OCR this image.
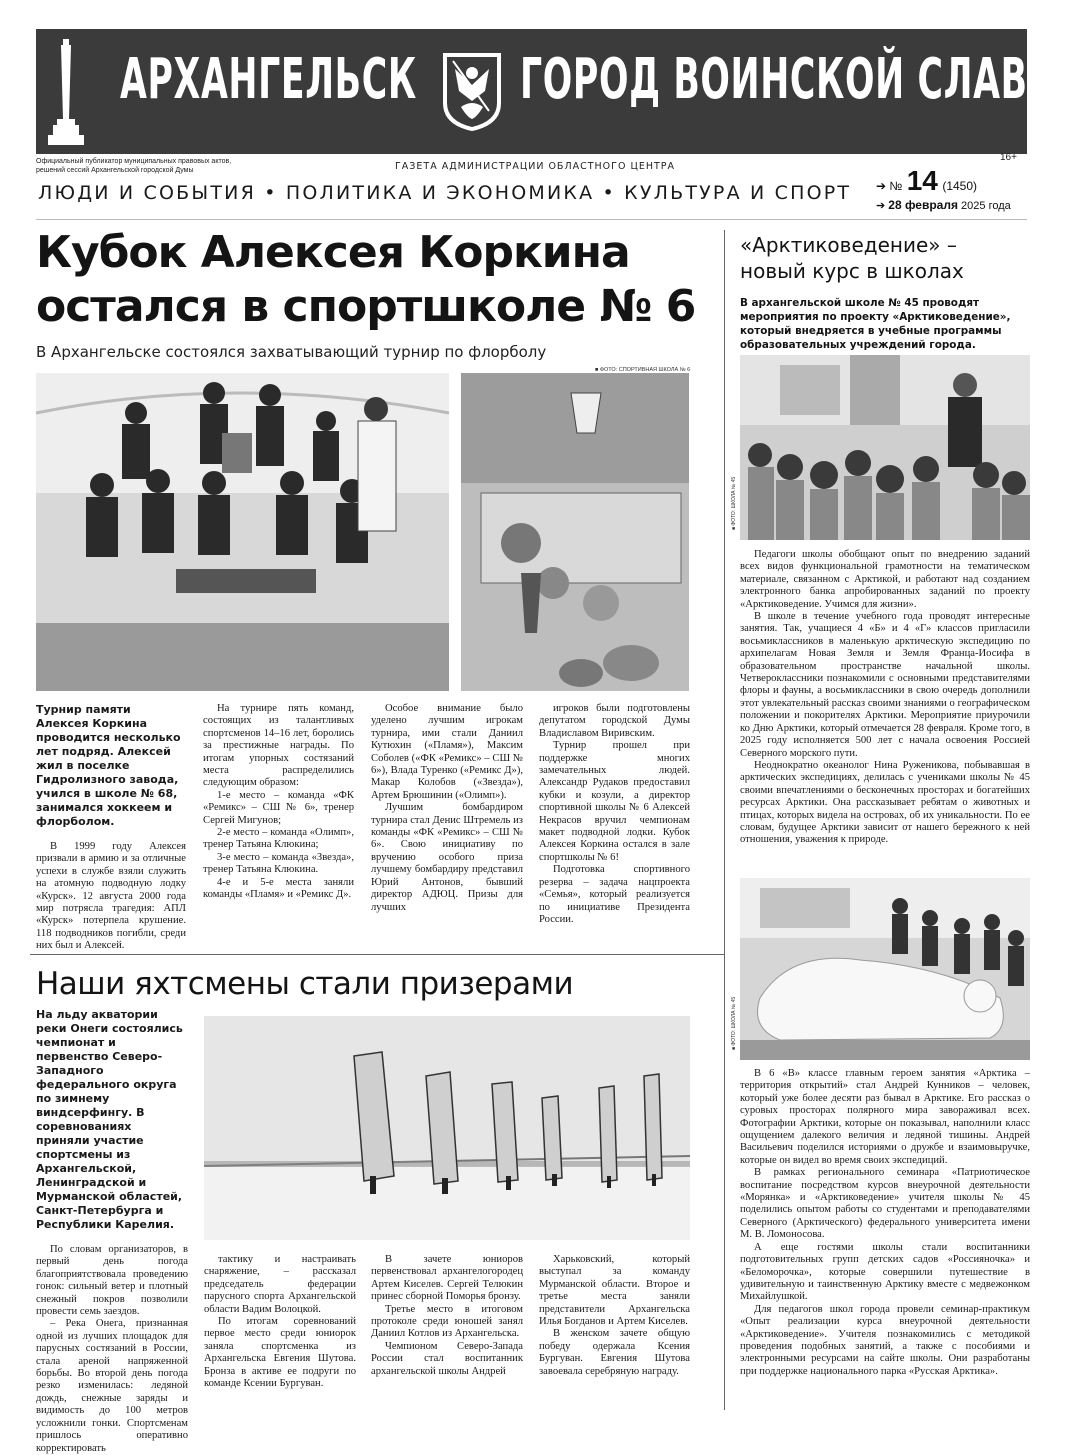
АРХАНГЕЛЬСК ГОРОД ВОИНСКОЙ СЛАВЫ
Официальный публикатор муниципальных правовых актов,
решений сессий Архангельской городской Думы	ГАЗЕТА АДМИНИСТРАЦИИ ОБЛАСТНОГО ЦЕНТРА
16+
ЛЮДИ И СОБЫТИЯ • ПОЛИТИКА И ЭКОНОМИКА • КУЛЬТУРА И СПОРТ ➔ № 14 (1450)
➔ 28 февраля 2025 года
Кубок Алексея Коркина
остался в спортшколе № 6
В Архангельске состоялся захватывающий турнир по флорболу
■ ФОТО: СПОРТИВНАЯ ШКОЛА № 6

Турнир памяти Алексея Коркина проводится несколько лет подряд. Алексей жил в поселке Гидролизного завода, учился в школе № 68, занимался хоккеем и флорболом.

В 1999 году Алексея призвали в армию и за отличные успехи в службе взяли служить на атомную подводную лодку «Курск». 12 августа 2000 года мир потрясла трагедия: АПЛ «Курск» потерпела крушение. 118 подводников погибли, среди них был и Алексей.

На турнире пять команд, состоящих из талантливых спортсменов 14–16 лет, боролись за престижные награды. По итогам упорных состязаний места распределились следующим образом:

1-е место – команда «ФК «Ремикс» – СШ № 6», тренер Сергей Мигунов;

2-е место – команда «Олимп», тренер Татьяна Клюкина;

3-е место – команда «Звезда», тренер Татьяна Клюкина.

4-е и 5-е места заняли команды «Пламя» и «Ремикс Д».

Особое внимание было уделено лучшим игрокам турнира, ими стали Даниил Кутюхин («Пламя»), Максим Соболев («ФК «Ремикс» – СШ № 6»), Влада Туренко («Ремикс Д»), Макар Колобов («Звезда»), Артем Брюшинин («Олимп»).

Лучшим бомбардиром турнира стал Денис Штремель из команды «ФК «Ремикс» – СШ № 6». Свою инициативу по вручению особого приза лучшему бомбардиру представил Юрий Антонов, бывший директор АДЮЦ. Призы для лучших

игроков были подготовлены депутатом городской Думы Владиславом Виривским.

Турнир прошел при поддержке многих замечательных людей. Александр Рудаков предоставил кубки и козули, а директор спортивной школы № 6 Алексей Некрасов вручил чемпионам макет подводной лодки. Кубок Алексея Коркина остался в зале спортшколы № 6!

Подготовка спортивного резерва – задача нацпроекта «Семья», который реализуется по инициативе Президента России.

Наши яхтсмены стали призерами

На льду акватории реки Онеги состоялись чемпионат и первенство Северо-Западного федерального округа по зимнему виндсерфингу. В соревнованиях приняли участие спортсмены из Архангельской, Ленинградской и Мурманской областей, Санкт-Петербурга и Республики Карелия.

По словам организаторов, в первый день погода благоприятствовала проведению гонок: сильный ветер и плотный снежный покров позволили провести семь заездов.

– Река Онега, признанная одной из лучших площадок для парусных состязаний в России, стала ареной напряженной борьбы. Во второй день погода резко изменилась: ледяной дождь, снежные заряды и видимость до 100 метров усложнили гонки. Спортсменам пришлось оперативно корректировать

тактику и настраивать снаряжение, – рассказал председатель федерации парусного спорта Архангельской области Вадим Волоцкой.

По итогам соревнований первое место среди юниорок заняла спортсменка из Архангельска Евгения Шутова. Бронза в активе ее подруги по команде Ксении Бургуван.

В зачете юниоров первенствовал архангелогородец Артем Киселев. Сергей Телюкин принес сборной Поморья бронзу.

Третье место в итоговом протоколе среди юношей занял Даниил Котлов из Архангельска.

Чемпионом Северо-Запада России стал воспитанник архангельской школы Андрей

Харьковский, который выступал за команду Мурманской области. Второе и третье места заняли представители Архангельска Илья Богданов и Артем Киселев.

В женском зачете общую победу одержала Ксения Бургуван. Евгения Шутова завоевала серебряную награду.

«Арктиковедение» –
новый курс в школах
В архангельской школе № 45 проводят мероприятия по проекту «Арктиковедение», который внедряется в учебные программы образовательных учреждений города.
■ ФОТО: ШКОЛА № 45

Педагоги школы обобщают опыт по внедрению заданий всех видов функциональной грамотности на тематическом материале, связанном с Арктикой, и работают над созданием электронного банка апробированных заданий по проекту «Арктиковедение. Учимся для жизни».

В школе в течение учебного года проводят интересные занятия. Так, учащиеся 4 «Б» и 4 «Г» классов пригласили восьмиклассников в маленькую арктическую экспедицию по архипелагам Новая Земля и Земля Франца-Иосифа в образовательном пространстве начальной школы. Четвероклассники познакомили с основными представителями флоры и фауны, а восьмиклассники в свою очередь дополнили этот увлекательный рассказ своими знаниями о географическом положении и покорителях Арктики. Мероприятие приурочили ко Дню Арктики, который отмечается 28 февраля. Кроме того, в 2025 году исполняется 500 лет с начала освоения Россией Северного морского пути.

Неоднократно океанолог Нина Руженикова, побывавшая в арктических экспедициях, делилась с учениками школы № 45 своими впечатлениями о бесконечных просторах и богатейших ресурсах Арктики. Она рассказывает ребятам о животных и птицах, которых видела на островах, об их уникальности. По ее словам, будущее Арктики зависит от нашего бережного к ней отношения, уважения к природе.

■ ФОТО: ШКОЛА № 45

В 6 «В» классе главным героем занятия «Арктика – территория открытий» стал Андрей Кунников – человек, который уже более десяти раз бывал в Арктике. Его рассказ о суровых просторах полярного мира завораживал всех. Фотографии Арктики, которые он показывал, наполнили класс ощущением далекого величия и ледяной тишины. Андрей Васильевич поделился историями о дружбе и взаимовыручке, которые он видел во время своих экспедиций.

В рамках регионального семинара «Патриотическое воспитание посредством курсов внеурочной деятельности «Морянка» и «Арктиковедение» учителя школы № 45 поделились опытом работы со студентами и преподавателями Северного (Арктического) федерального университета имени М. В. Ломоносова.

А еще гостями школы стали воспитанники подготовительных групп детских садов «Россияночка» и «Беломорочка», которые совершили путешествие в удивительную и таинственную Арктику вместе с медвежонком Михайлушкой.

Для педагогов школ города провели семинар-практикум «Опыт реализации курса внеурочной деятельности «Арктиковедение». Учителя познакомились с методикой проведения подобных занятий, а также с пособиями и электронными ресурсами на сайте школы. Они разработаны при поддержке национального парка «Русская Арктика».
